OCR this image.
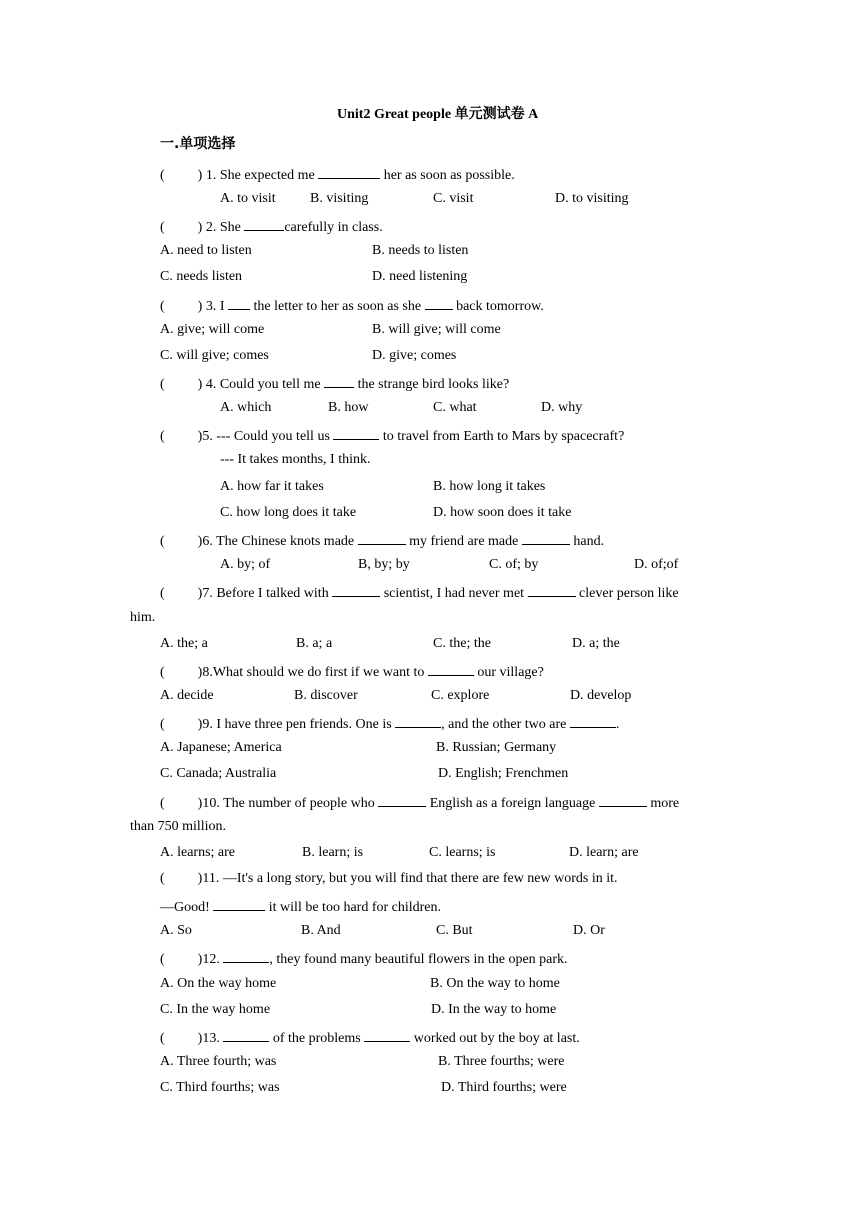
Unit2 Great people 单元测试卷 A
一.单项选择
( ) 1. She expected me	her as soon as possible.
A. to visit B. visiting	C. visit	D. to visiting
( ) 2. She	carefully in class.
A. need to listen	B. needs to listen
C. needs listen	D. need listening
( ) 3. I  the letter to her as soon as she  back tomorrow.
A. give; will come	B. will give; will come
C. will give; comes	D. give; comes
( ) 4. Could you tell me  the strange bird looks like?
A. which	B. how	C. what	D. why
( )5. --- Could you tell us	to travel from Earth to Mars by spacecraft?
--- It takes months, I think.
A. how far it takes	B. how long it takes
C. how long does it take	D. how soon does it take
( )6. The Chinese knots made	my friend are made	hand.
A. by; of	B, by; by	C. of; by	D. of;of
( )7. Before I talked with	scientist, I had never met	clever person like
him.
A. the; a	B. a; a	C. the; the	D. a; the
( )8.What should we do first if we want to	our village?
A. decide	B. discover	C. explore	D. develop
( )9. I have three pen friends. One is	, and the other two are	.
A. Japanese; America	B. Russian; Germany
C. Canada; Australia	D. English; Frenchmen
( )10. The number of people who	English as a foreign language	more
than 750 million.
A. learns; are	B. learn; is	C. learns; is	D. learn; are
( )11. —It's a long story, but you will find that there are few new words in it.
—Good!	it will be too hard for children.
A. So	B. And	C. But	D. Or
( )12.	, they found many beautiful flowers in the open park.
A. On the way home	B. On the way to home
C. In the way home	D. In the way to home
( )13.	of the problems	worked out by the boy at last.
A. Three fourth; was	B. Three fourths; were
C. Third fourths; was	D. Third fourths; were
